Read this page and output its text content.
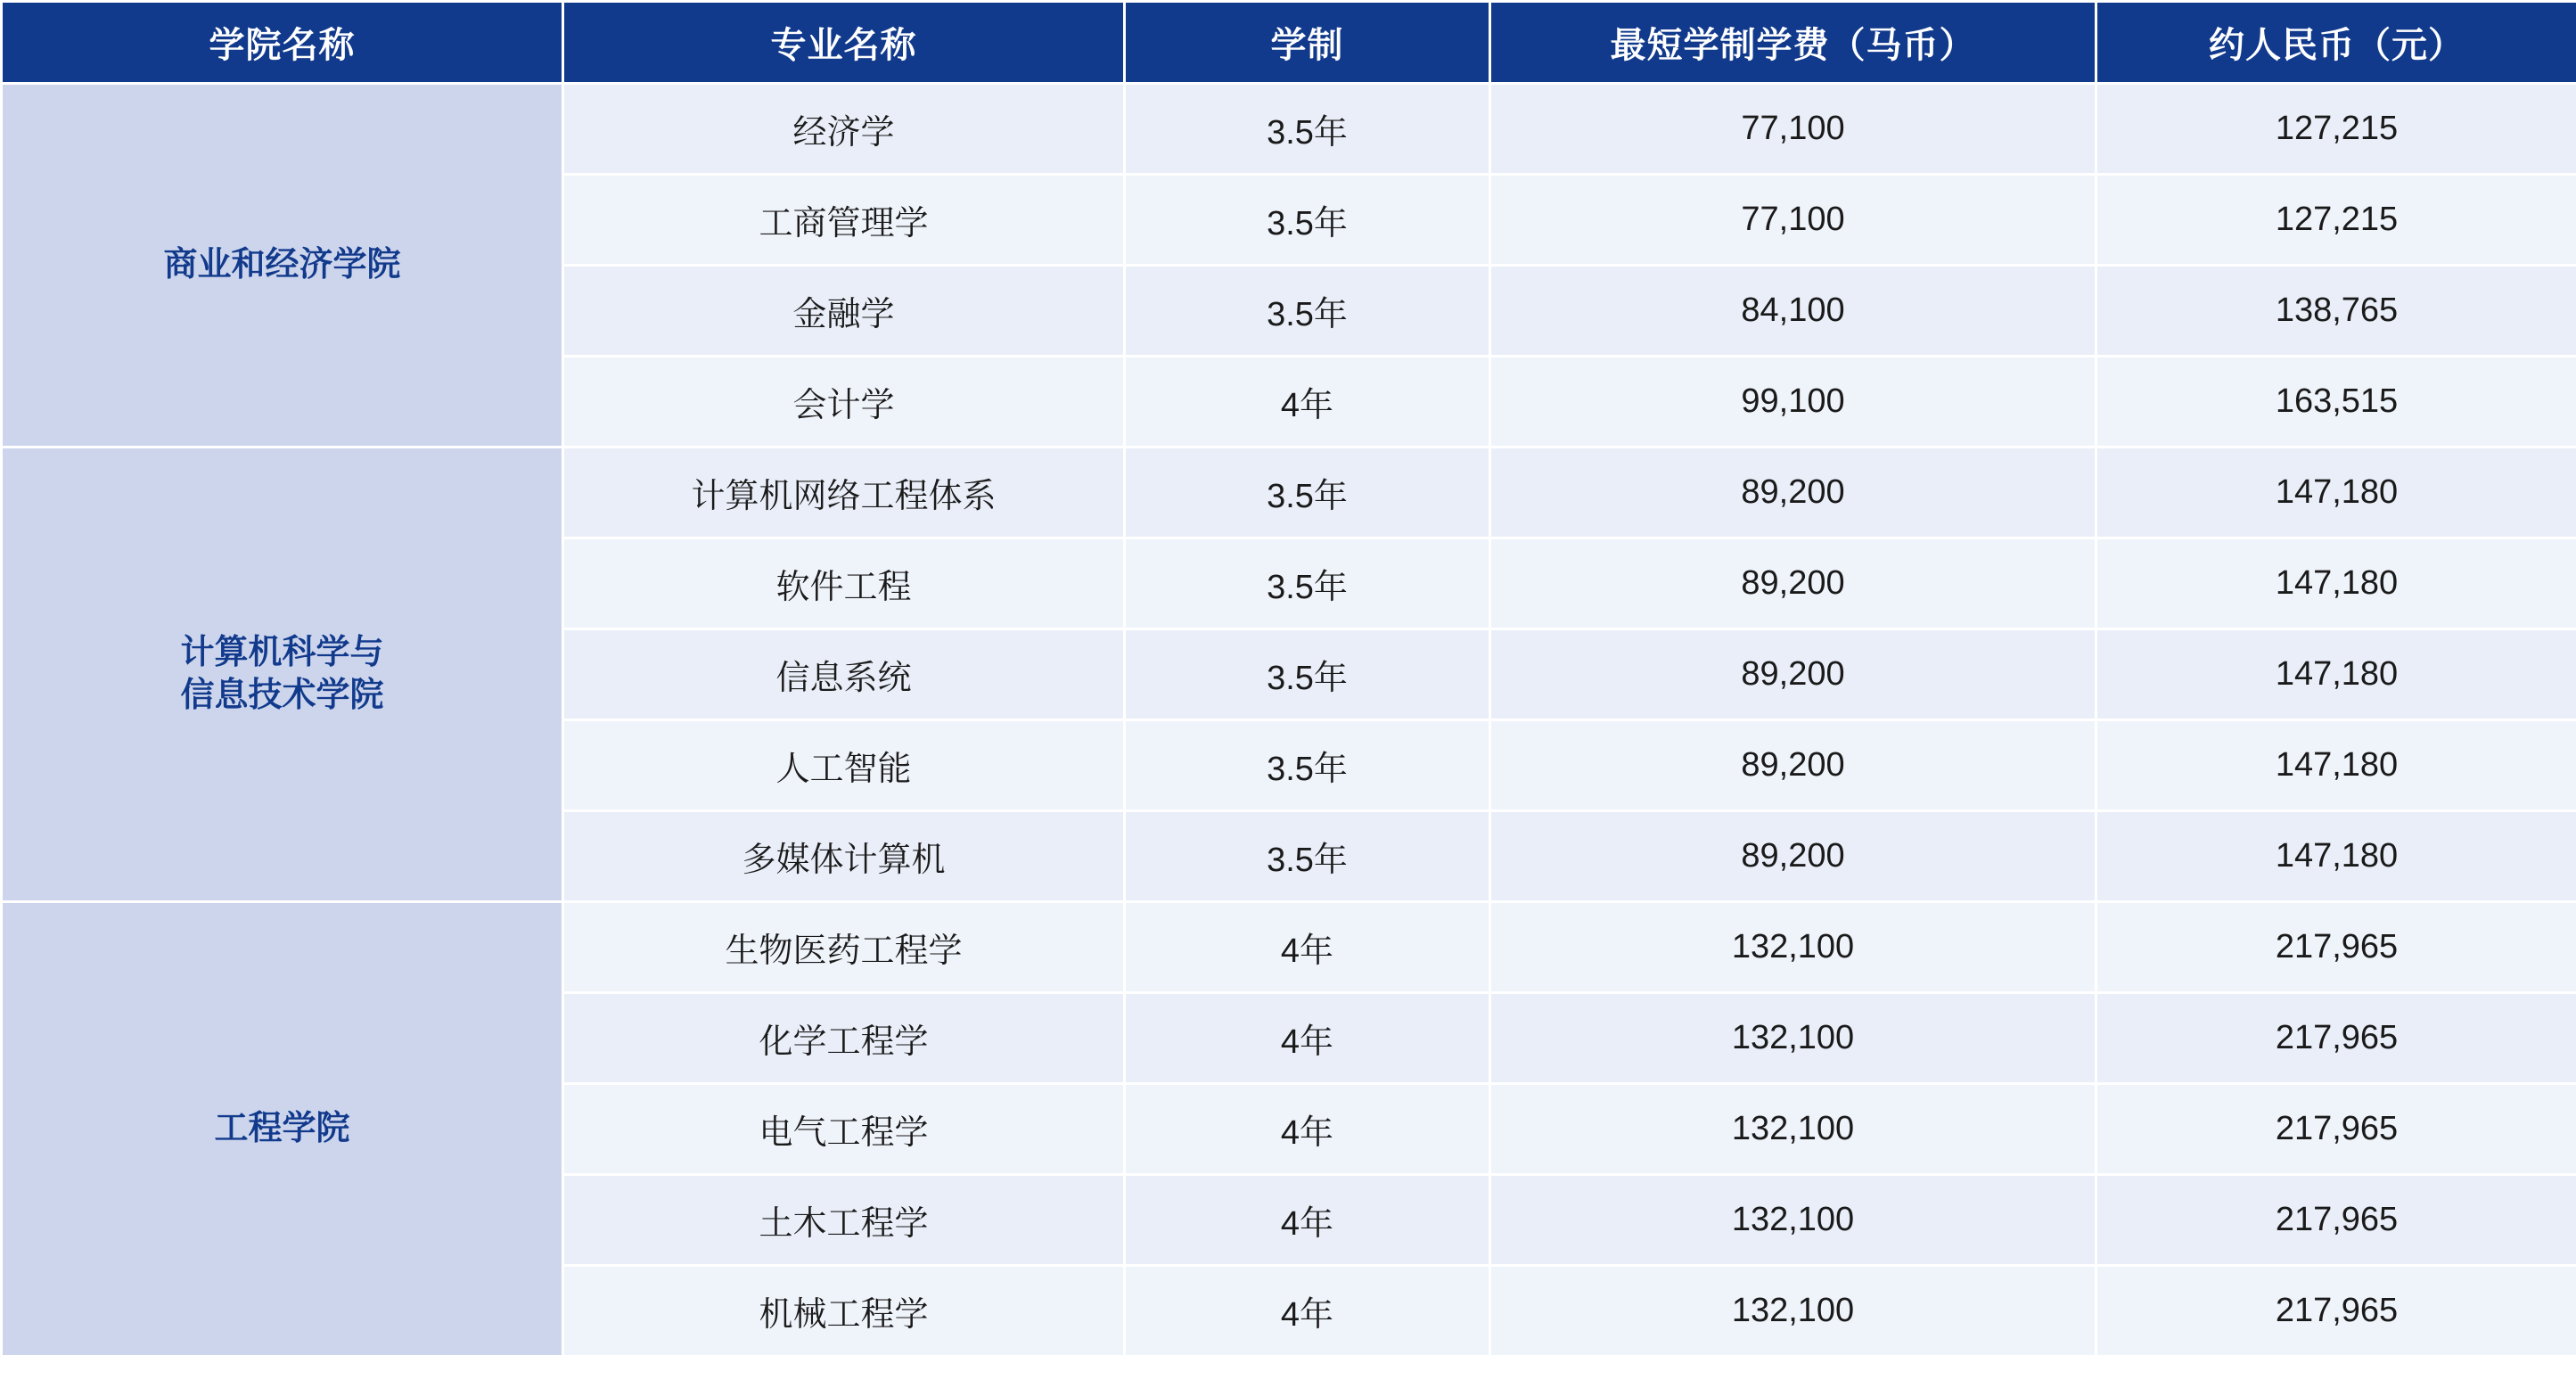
学院名称	专业名称	学制	最短学制学费（马币）	约人民币（元）
商业和经济学院	经济学	3.5年	77,100	127,215
	工商管理学	3.5年	77,100	127,215
	金融学	3.5年	84,100	138,765
	会计学	4年	99,100	163,515
计算机科学与
信息技术学院	计算机网络工程体系	3.5年	89,200	147,180
	软件工程	3.5年	89,200	147,180
	信息系统	3.5年	89,200	147,180
	人工智能	3.5年	89,200	147,180
	多媒体计算机	3.5年	89,200	147,180
工程学院	生物医药工程学	4年	132,100	217,965
	化学工程学	4年	132,100	217,965
	电气工程学	4年	132,100	217,965
	土木工程学	4年	132,100	217,965
	机械工程学	4年	132,100	217,965
